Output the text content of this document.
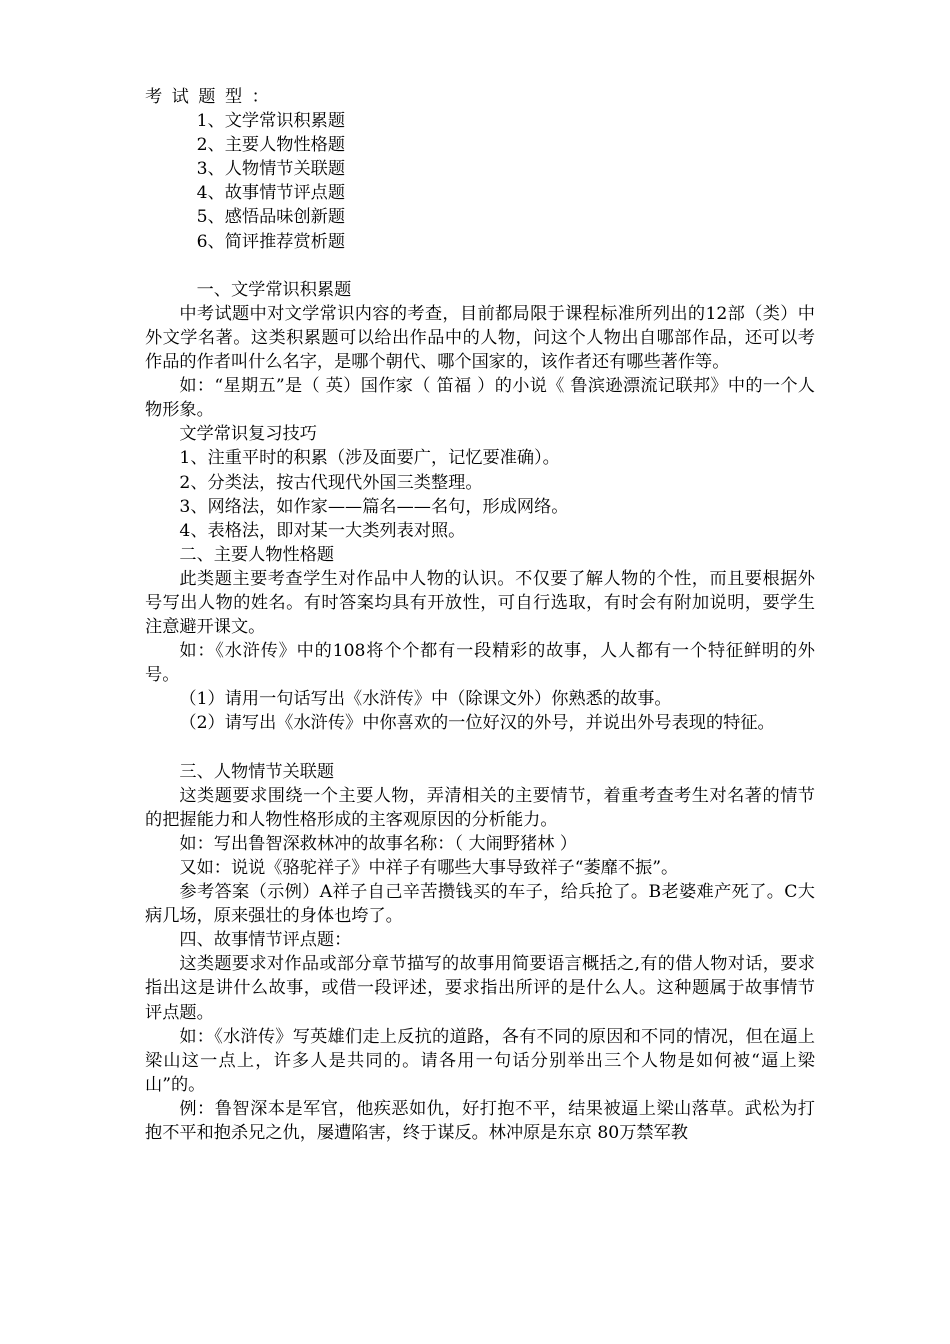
考试题型：

1、文学常识积累题

2、主要人物性格题

3、人物情节关联题

4、故事情节评点题

5、感悟品味创新题

6、简评推荐赏析题

一、文学常识积累题

中考试题中对文学常识内容的考查，目前都局限于课程标准所列出的12部（类）中外文学名著。这类积累题可以给出作品中的人物，问这个人物出自哪部作品，还可以考作品的作者叫什么名字，是哪个朝代、哪个国家的，该作者还有哪些著作等。

如：“星期五”是（ 英）国作家（ 笛福 ）的小说《 鲁滨逊漂流记联邦》中的一个人物形象。

文学常识复习技巧

1、注重平时的积累（涉及面要广，记忆要准确）。

2、分类法，按古代现代外国三类整理。

3、网络法，如作家——篇名——名句，形成网络。

4、表格法，即对某一大类列表对照。

二、主要人物性格题

此类题主要考查学生对作品中人物的认识。不仅要了解人物的个性，而且要根据外号写出人物的姓名。有时答案均具有开放性，可自行选取，有时会有附加说明，要学生注意避开课文。

如：《水浒传》中的108将个个都有一段精彩的故事，人人都有一个特征鲜明的外号。

（1）请用一句话写出《水浒传》中（除课文外）你熟悉的故事。

（2）请写出《水浒传》中你喜欢的一位好汉的外号，并说出外号表现的特征。

三、人物情节关联题

这类题要求围绕一个主要人物，弄清相关的主要情节，着重考查考生对名著的情节的把握能力和人物性格形成的主客观原因的分析能力。

如：写出鲁智深救林冲的故事名称：（ 大闹野猪林 ）

又如：说说《骆驼祥子》中祥子有哪些大事导致祥子“萎靡不振”。

参考答案（示例）A祥子自己辛苦攒钱买的车子，给兵抢了。B老婆难产死了。C大病几场，原来强壮的身体也垮了。

四、故事情节评点题：

这类题要求对作品或部分章节描写的故事用简要语言概括之,有的借人物对话，要求指出这是讲什么故事，或借一段评述，要求指出所评的是什么人。这种题属于故事情节评点题。

如：《水浒传》写英雄们走上反抗的道路，各有不同的原因和不同的情况，但在逼上梁山这一点上，许多人是共同的。请各用一句话分别举出三个人物是如何被“逼上梁山”的。

例：鲁智深本是军官，他疾恶如仇，好打抱不平，结果被逼上梁山落草。武松为打抱不平和抱杀兄之仇，屡遭陷害，终于谋反。林冲原是东京 80万禁军教
